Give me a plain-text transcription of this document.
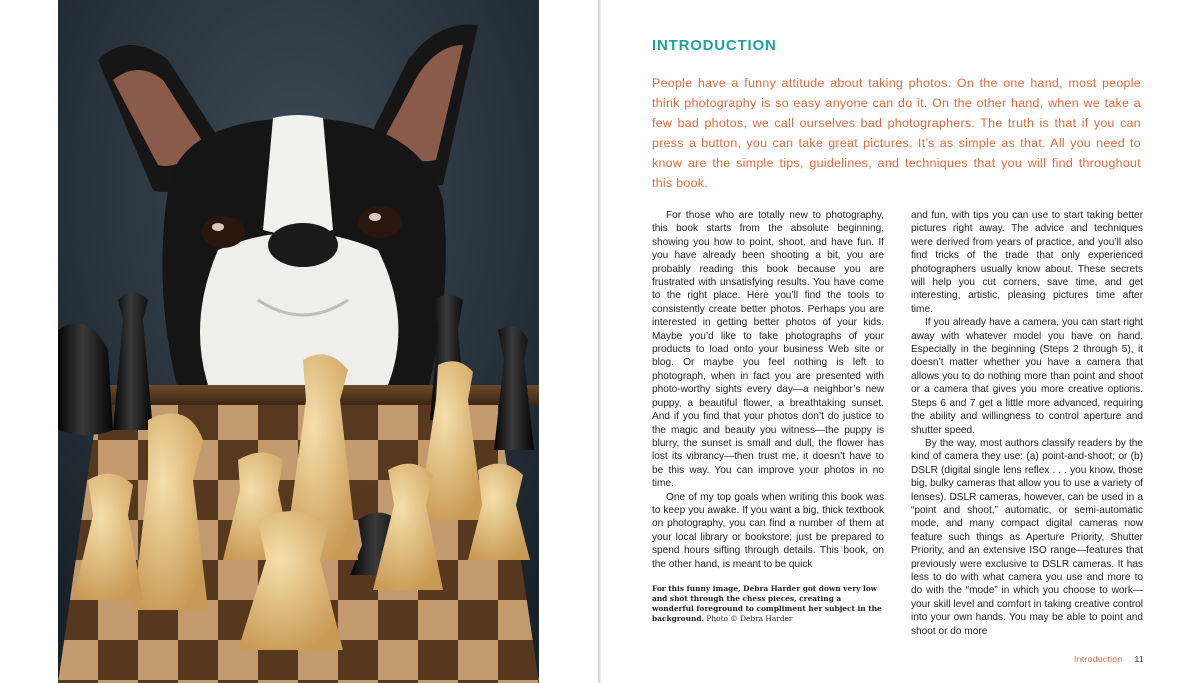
INTRODUCTION

People have a funny attitude about taking photos. On the one hand, most people think photography is so easy anyone can do it. On the other hand, when we take a few bad photos, we call ourselves bad photographers. The truth is that if you can press a button, you can take great pictures. It’s as simple as that. All you need to know are the simple tips, guidelines, and techniques that you will find throughout this book.

For those who are totally new to photography, this book starts from the absolute beginning, showing you how to point, shoot, and have fun. If you have already been shooting a bit, you are probably reading this book because you are frustrated with unsatisfying results. You have come to the right place. Here you’ll find the tools to consistently create better photos. Perhaps you are interested in getting better photos of your kids. Maybe you’d like to take photographs of your products to load onto your business Web site or blog. Or maybe you feel nothing is left to photograph, when in fact you are presented with photo-worthy sights every day—a neighbor’s new puppy, a beautiful flower, a breathtaking sunset. And if you find that your photos don’t do justice to the magic and beauty you witness—the puppy is blurry, the sunset is small and dull, the flower has lost its vibrancy—then trust me, it doesn’t have to be this way. You can improve your photos in no time.

One of my top goals when writing this book was to keep you awake. If you want a big, thick textbook on photography, you can find a number of them at your local library or bookstore; just be prepared to spend hours sifting through details. This book, on the other hand, is meant to be quick

and fun, with tips you can use to start taking better pictures right away. The advice and techniques were derived from years of practice, and you’ll also find tricks of the trade that only experienced photographers usually know about. These secrets will help you cut corners, save time, and get interesting, artistic, pleasing pictures time after time.

If you already have a camera, you can start right away with whatever model you have on hand. Especially in the beginning (Steps 2 through 5), it doesn’t matter whether you have a camera that allows you to do nothing more than point and shoot or a camera that gives you more creative options. Steps 6 and 7 get a little more advanced, requiring the ability and willingness to control aperture and shutter speed.

By the way, most authors classify readers by the kind of camera they use: (a) point-and-shoot; or (b) DSLR (digital single lens reflex . . . you know, those big, bulky cameras that allow you to use a variety of lenses). DSLR cameras, however, can be used in a “point and shoot,” automatic, or semi-automatic mode, and many compact digital cameras now feature such things as Aperture Priority, Shutter Priority, and an extensive ISO range—features that previously were exclusive to DSLR cameras. It has less to do with what camera you use and more to do with the “mode” in which you choose to work—your skill level and comfort in taking creative control into your own hands. You may be able to point and shoot or do more

For this funny image, Debra Harder got down very low and shot through the chess pieces, creating a wonderful foreground to compliment her subject in the background. Photo © Debra Harder

Introduction 11
